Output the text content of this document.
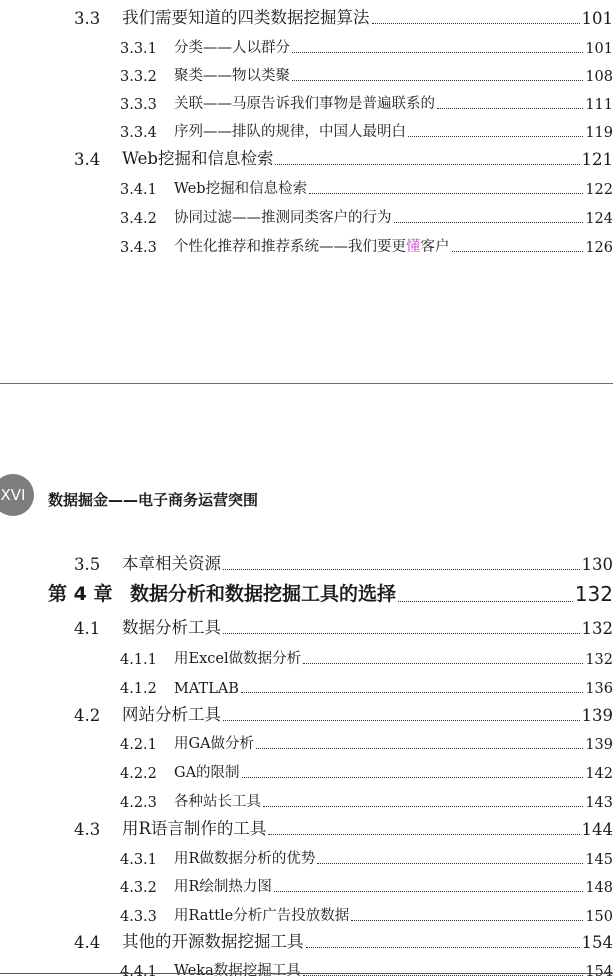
3.3	我们需要知道的四类数据挖掘算法	101
3.3.1	分类——人以群分	101
3.3.2	聚类——物以类聚	108
3.3.3	关联——马原告诉我们事物是普遍联系的	111
3.3.4	序列——排队的规律，中国人最明白	119
3.4	Web挖掘和信息检索	121
3.4.1	Web挖掘和信息检索	122
3.4.2	协同过滤——推测同类客户的行为	124
3.4.3	个性化推荐和推荐系统——我们要更懂客户	126
XVI 数据掘金——电子商务运营突围
3.5	本章相关资源	130
第 4 章 数据分析和数据挖掘工具的选择	132
4.1	数据分析工具	132
4.1.1	用Excel做数据分析	132
4.1.2	MATLAB	136
4.2	网站分析工具	139
4.2.1	用GA做分析	139
4.2.2	GA的限制	142
4.2.3	各种站长工具	143
4.3	用R语言制作的工具	144
4.3.1	用R做数据分析的优势	145
4.3.2	用R绘制热力图	148
4.3.3	用Rattle分析广告投放数据	150
4.4	其他的开源数据挖掘工具	154
4.4.1	Weka数据挖掘工具	154
